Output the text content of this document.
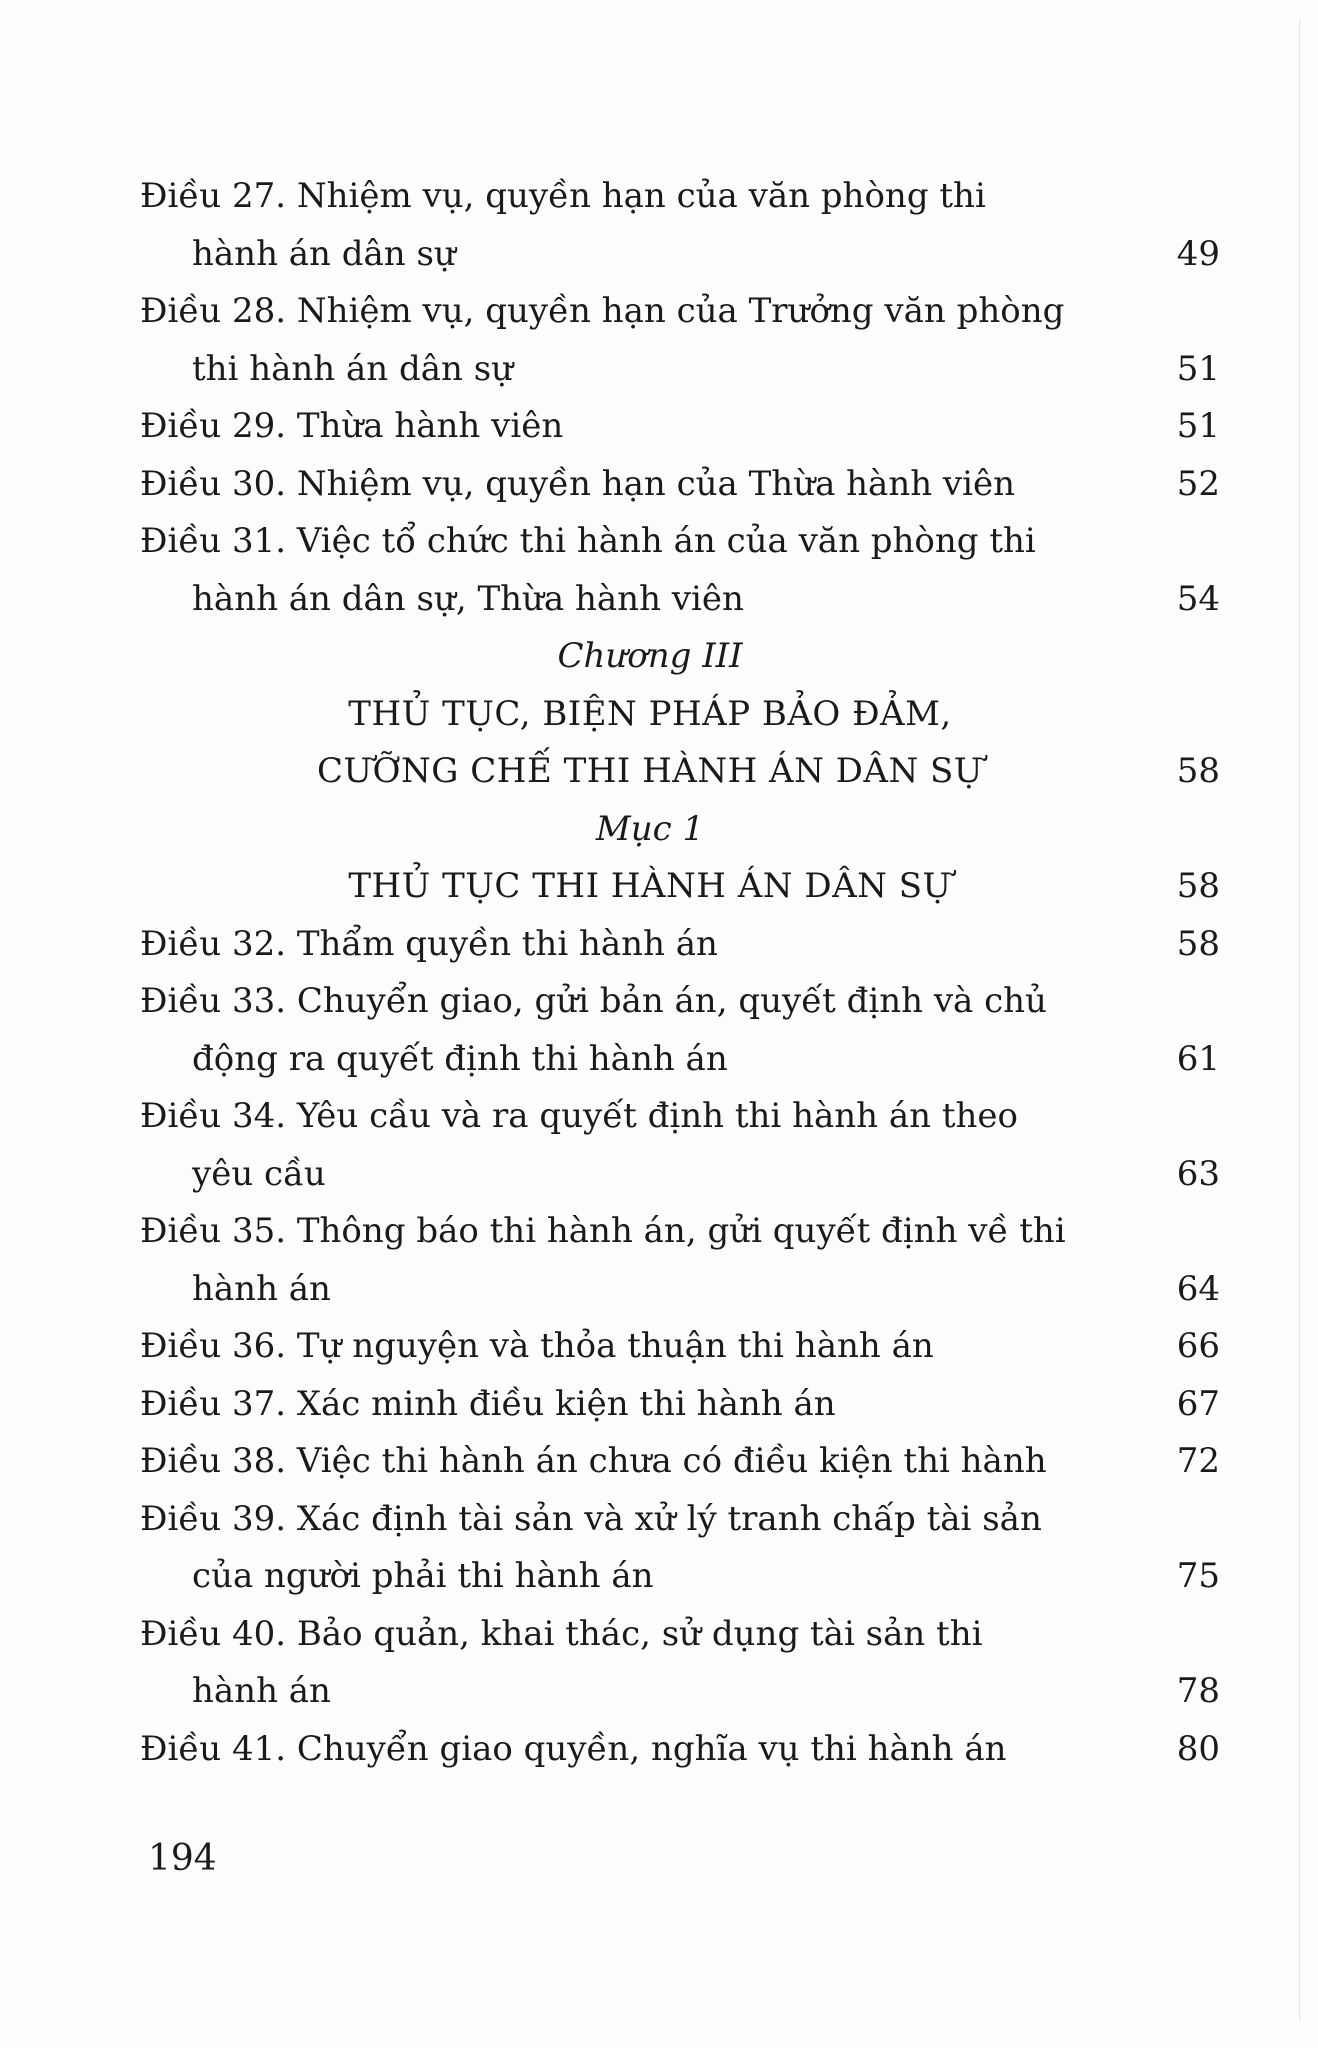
Điều 27. Nhiệm vụ, quyền hạn của văn phòng thi
hành án dân sự	49
Điều 28. Nhiệm vụ, quyền hạn của Trưởng văn phòng
thi hành án dân sự	51
Điều 29. Thừa hành viên	51
Điều 30. Nhiệm vụ, quyền hạn của Thừa hành viên	52
Điều 31. Việc tổ chức thi hành án của văn phòng thi
hành án dân sự, Thừa hành viên	54
Chương III
THỦ TỤC, BIỆN PHÁP BẢO ĐẢM,
CƯỠNG CHẾ THI HÀNH ÁN DÂN SỰ	58
Mục 1
THỦ TỤC THI HÀNH ÁN DÂN SỰ	58
Điều 32. Thẩm quyền thi hành án	58
Điều 33. Chuyển giao, gửi bản án, quyết định và chủ
động ra quyết định thi hành án	61
Điều 34. Yêu cầu và ra quyết định thi hành án theo
yêu cầu	63
Điều 35. Thông báo thi hành án, gửi quyết định về thi
hành án	64
Điều 36. Tự nguyện và thỏa thuận thi hành án	66
Điều 37. Xác minh điều kiện thi hành án	67
Điều 38. Việc thi hành án chưa có điều kiện thi hành	72
Điều 39. Xác định tài sản và xử lý tranh chấp tài sản
của người phải thi hành án	75
Điều 40. Bảo quản, khai thác, sử dụng tài sản thi
hành án	78
Điều 41. Chuyển giao quyền, nghĩa vụ thi hành án	80
194
